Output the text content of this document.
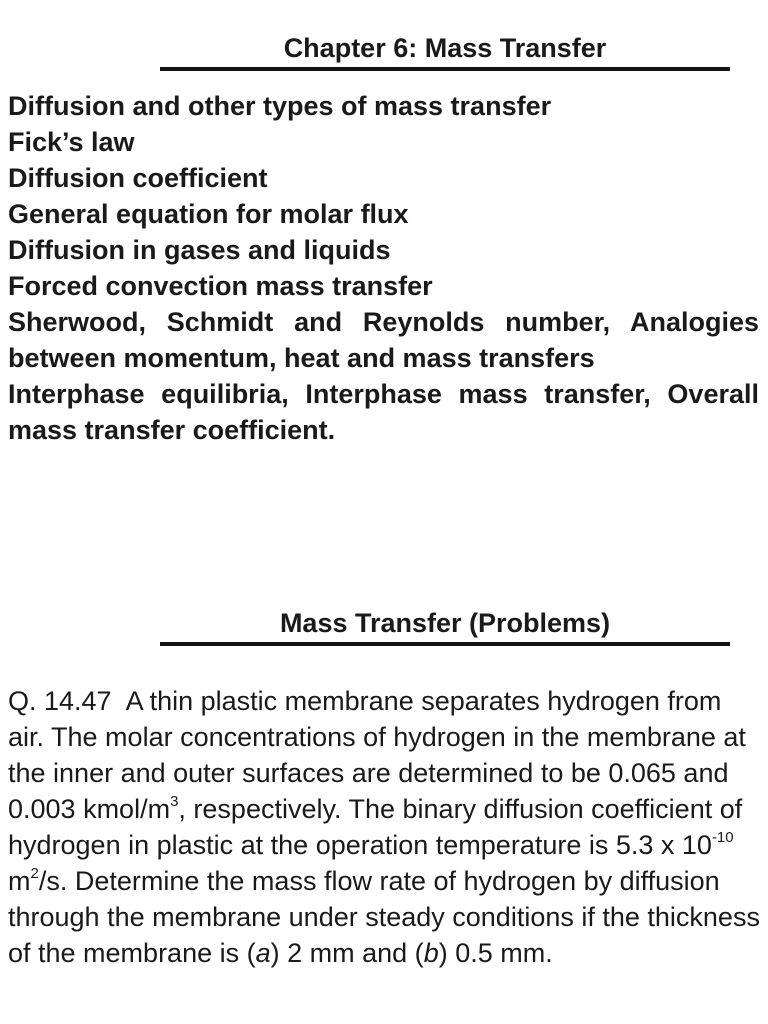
Chapter 6: Mass Transfer
Diffusion and other types of mass transfer
Fick’s law
Diffusion coefficient
General equation for molar flux
Diffusion in gases and liquids
Forced convection mass transfer
Sherwood, Schmidt and Reynolds number, Analogies between momentum, heat and mass transfers
Interphase equilibria, Interphase mass transfer, Overall mass transfer coefficient.
Mass Transfer (Problems)

Q. 14.47 A thin plastic membrane separates hydrogen from air. The molar concentrations of hydrogen in the membrane at the inner and outer surfaces are determined to be 0.065 and 0.003 kmol/$m^3$, respectively. The binary diffusion coefficient of hydrogen in plastic at the operation temperature is 5.3 x $10^{-10}$ $m^2/s$. Determine the mass flow rate of hydrogen by diffusion through the membrane under steady conditions if the thickness of the membrane is (a) 2 mm and (b) 0.5 mm.
